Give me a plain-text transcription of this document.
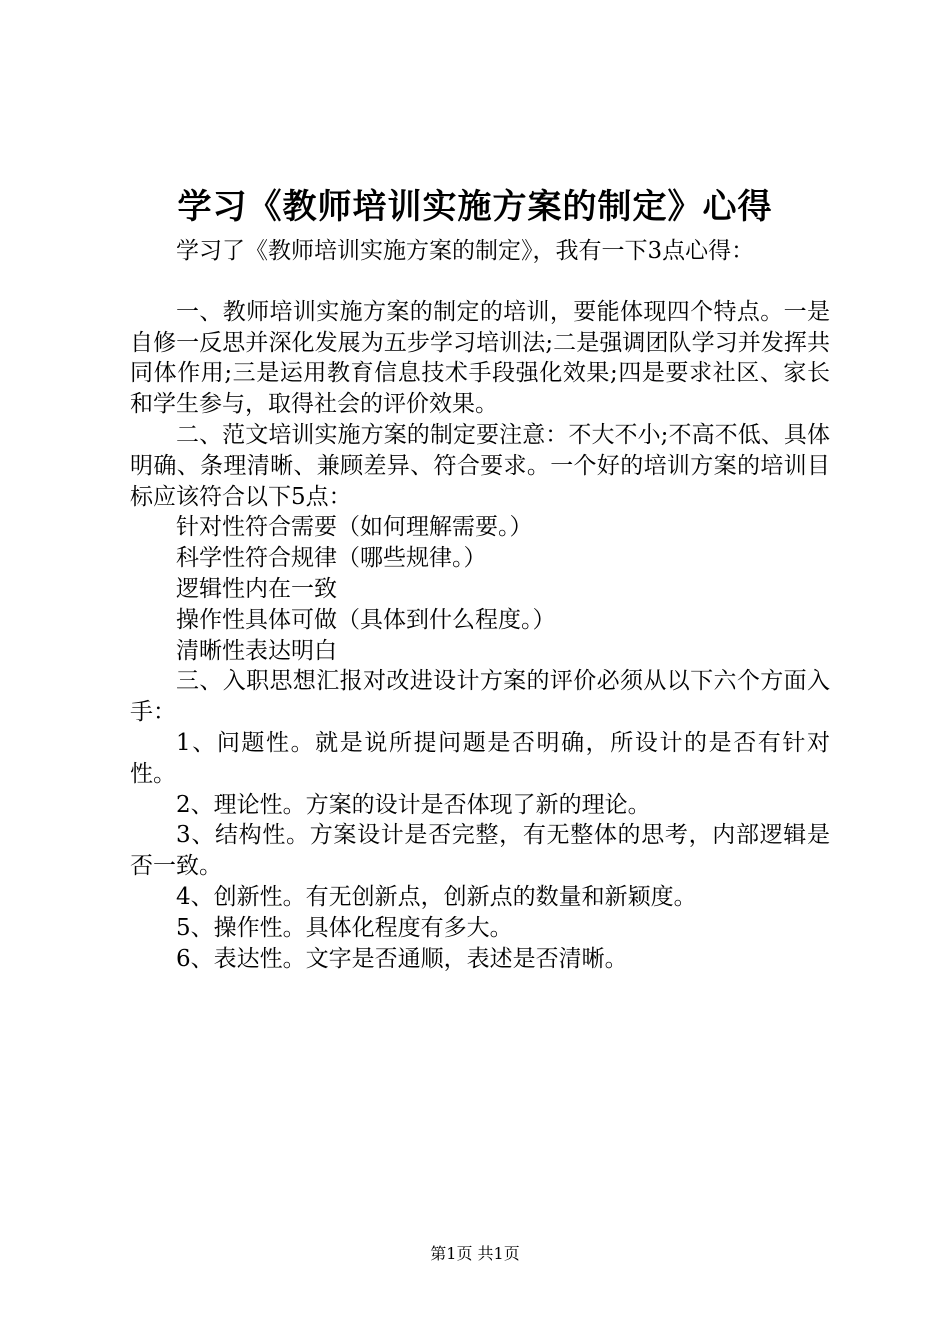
学习《教师培训实施方案的制定》心得

学习了《教师培训实施方案的制定》，我有一下3点心得：

一、教师培训实施方案的制定的培训，要能体现四个特点。一是自修一反思并深化发展为五步学习培训法;二是强调团队学习并发挥共同体作用;三是运用教育信息技术手段强化效果;四是要求社区、家长和学生参与，取得社会的评价效果。

二、范文培训实施方案的制定要注意：不大不小;不高不低、具体明确、条理清晰、兼顾差异、符合要求。一个好的培训方案的培训目标应该符合以下5点：

针对性符合需要（如何理解需要。）

科学性符合规律（哪些规律。）

逻辑性内在一致

操作性具体可做（具体到什么程度。）

清晰性表达明白

三、入职思想汇报对改进设计方案的评价必须从以下六个方面入手：

1、问题性。就是说所提问题是否明确，所设计的是否有针对性。

2、理论性。方案的设计是否体现了新的理论。

3、结构性。方案设计是否完整，有无整体的思考，内部逻辑是否一致。

4、创新性。有无创新点，创新点的数量和新颖度。

5、操作性。具体化程度有多大。

6、表达性。文字是否通顺，表述是否清晰。

第1页 共1页
